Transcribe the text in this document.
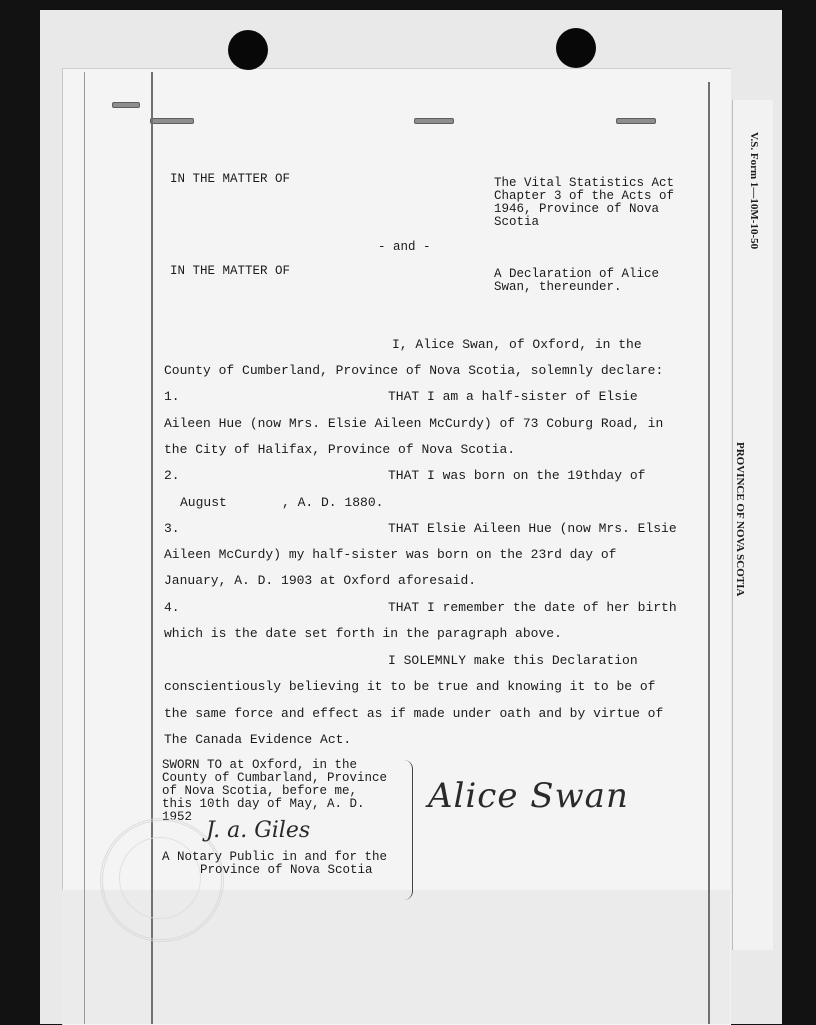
V.S. Form 1—10M-10-50
PROVINCE OF NOVA SCOTIA
IN THE MATTER OF	The Vital Statistics Act
Chapter 3 of the Acts of
1946, Province of Nova
Scotia
- and -
IN THE MATTER OF	A Declaration of Alice
Swan, thereunder.
I, Alice Swan, of Oxford, in the
County of Cumberland, Province of Nova Scotia, solemnly declare:
1.	THAT I am a half-sister of Elsie
Aileen Hue (now Mrs. Elsie Aileen McCurdy) of 73 Coburg Road, in
the City of Halifax, Province of Nova Scotia.
2.	THAT I was born on the 19thday of
August	, A. D. 1880.
3.	THAT Elsie Aileen Hue (now Mrs. Elsie
Aileen McCurdy) my half-sister was born on the 23rd day of
January, A. D. 1903 at Oxford aforesaid.
4.	THAT I remember the date of her birth
which is the date set forth in the paragraph above.
I SOLEMNLY make this Declaration
conscientiously believing it to be true and knowing it to be of
the same force and effect as if made under oath and by virtue of
The Canada Evidence Act.
SWORN TO at Oxford, in the
County of Cumbarland, Province
of Nova Scotia, before me,
this 10th day of May, A. D.
1952
J. a. Giles
A Notary Public in and for the
Province of Nova Scotia
Alice Swan
